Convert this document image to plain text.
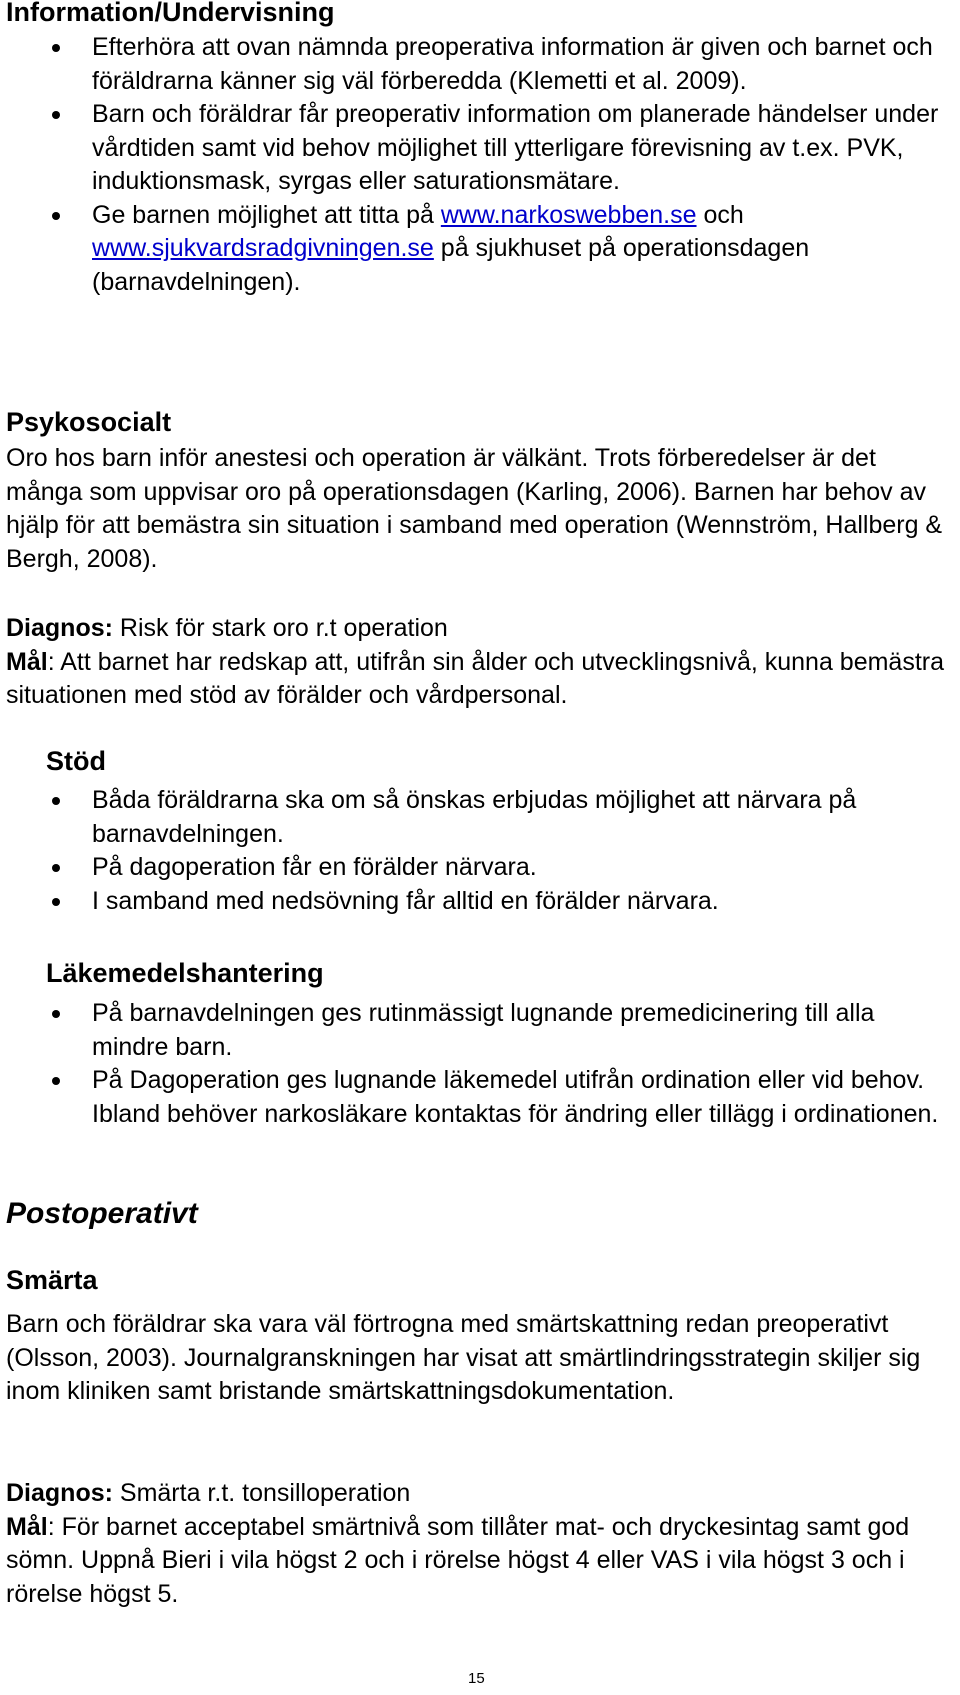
Information/Undervisning
Efterhöra att ovan nämnda preoperativa information är given och barnet och föräldrarna känner sig väl förberedda (Klemetti et al. 2009).
Barn och föräldrar får preoperativ information om planerade händelser under vårdtiden samt vid behov möjlighet till ytterligare förevisning av t.ex. PVK, induktionsmask, syrgas eller saturationsmätare.
Ge barnen möjlighet att titta på www.narkoswebben.se och www.sjukvardsradgivningen.se på sjukhuset på operationsdagen (barnavdelningen).
Psykosocialt

Oro hos barn inför anestesi och operation är välkänt. Trots förberedelser är det många som uppvisar oro på operationsdagen (Karling, 2006). Barnen har behov av hjälp för att bemästra sin situation i samband med operation (Wennström, Hallberg & Bergh, 2008).

Diagnos: Risk för stark oro r.t operation
Mål: Att barnet har redskap att, utifrån sin ålder och utvecklingsnivå, kunna bemästra situationen med stöd av förälder och vårdpersonal.

Stöd
Båda föräldrarna ska om så önskas erbjudas möjlighet att närvara på barnavdelningen.
På dagoperation får en förälder närvara.
I samband med nedsövning får alltid en förälder närvara.
Läkemedelshantering
På barnavdelningen ges rutinmässigt lugnande premedicinering till alla mindre barn.
På Dagoperation ges lugnande läkemedel utifrån ordination eller vid behov. Ibland behöver narkosläkare kontaktas för ändring eller tillägg i ordinationen.
Postoperativt
Smärta

Barn och föräldrar ska vara väl förtrogna med smärtskattning redan preoperativt (Olsson, 2003). Journalgranskningen har visat att smärtlindringsstrategin skiljer sig inom kliniken samt bristande smärtskattningsdokumentation.

Diagnos: Smärta r.t. tonsilloperation
Mål: För barnet acceptabel smärtnivå som tillåter mat- och dryckesintag samt god sömn. Uppnå Bieri i vila högst 2 och i rörelse högst 4 eller VAS i vila högst 3 och i rörelse högst 5.

15
